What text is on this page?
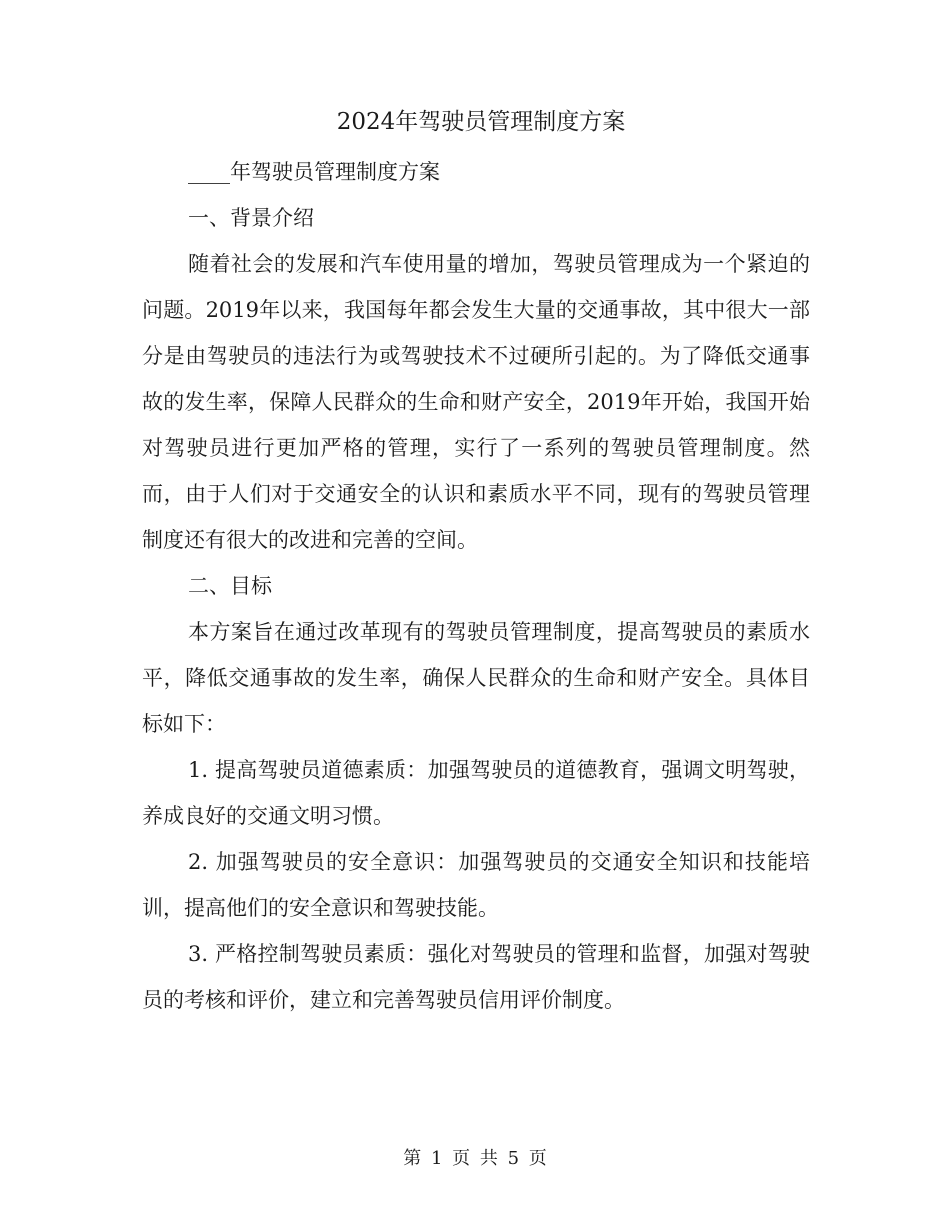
2024年驾驶员管理制度方案

____年驾驶员管理制度方案

一、背景介绍

随着社会的发展和汽车使用量的增加，驾驶员管理成为一个紧迫的问题。2019年以来，我国每年都会发生大量的交通事故，其中很大一部分是由驾驶员的违法行为或驾驶技术不过硬所引起的。为了降低交通事故的发生率，保障人民群众的生命和财产安全，2019年开始，我国开始对驾驶员进行更加严格的管理，实行了一系列的驾驶员管理制度。然而，由于人们对于交通安全的认识和素质水平不同，现有的驾驶员管理制度还有很大的改进和完善的空间。

二、目标

本方案旨在通过改革现有的驾驶员管理制度，提高驾驶员的素质水平，降低交通事故的发生率，确保人民群众的生命和财产安全。具体目标如下：

1. 提高驾驶员道德素质：加强驾驶员的道德教育，强调文明驾驶，养成良好的交通文明习惯。

2. 加强驾驶员的安全意识：加强驾驶员的交通安全知识和技能培训，提高他们的安全意识和驾驶技能。

3. 严格控制驾驶员素质：强化对驾驶员的管理和监督，加强对驾驶员的考核和评价，建立和完善驾驶员信用评价制度。

第 1 页 共 5 页
